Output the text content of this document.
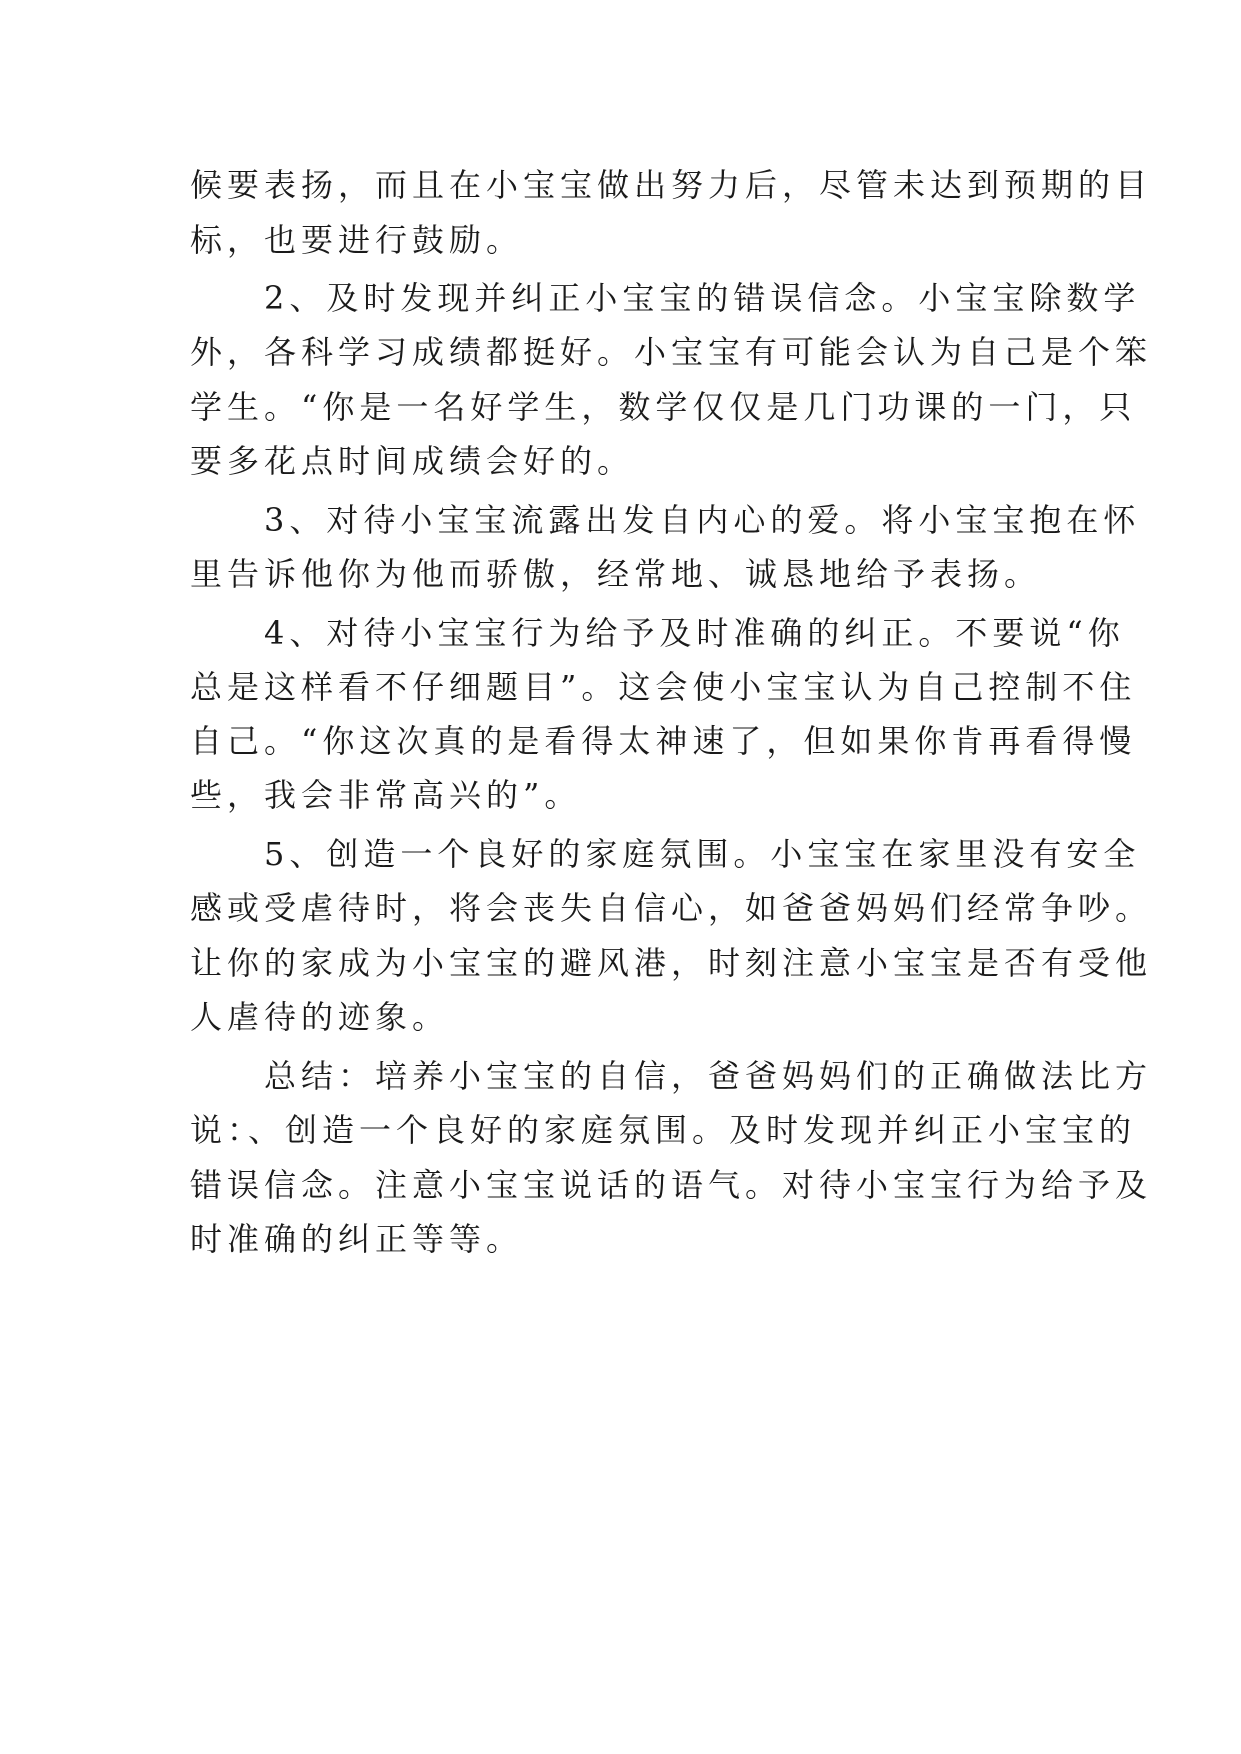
候要表扬，而且在小宝宝做出努力后，尽管未达到预期的目
标，也要进行鼓励。
　　2、及时发现并纠正小宝宝的错误信念。小宝宝除数学
外，各科学习成绩都挺好。小宝宝有可能会认为自己是个笨
学生。“你是一名好学生，数学仅仅是几门功课的一门，只
要多花点时间成绩会好的。
　　3、对待小宝宝流露出发自内心的爱。将小宝宝抱在怀
里告诉他你为他而骄傲，经常地、诚恳地给予表扬。
　　4、对待小宝宝行为给予及时准确的纠正。不要说“你
总是这样看不仔细题目”。这会使小宝宝认为自己控制不住
自己。“你这次真的是看得太神速了，但如果你肯再看得慢
些，我会非常高兴的”。
　　5、创造一个良好的家庭氛围。小宝宝在家里没有安全
感或受虐待时，将会丧失自信心，如爸爸妈妈们经常争吵。
让你的家成为小宝宝的避风港，时刻注意小宝宝是否有受他
人虐待的迹象。
　　总结：培养小宝宝的自信，爸爸妈妈们的正确做法比方
说：、创造一个良好的家庭氛围。及时发现并纠正小宝宝的
错误信念。注意小宝宝说话的语气。对待小宝宝行为给予及
时准确的纠正等等。
